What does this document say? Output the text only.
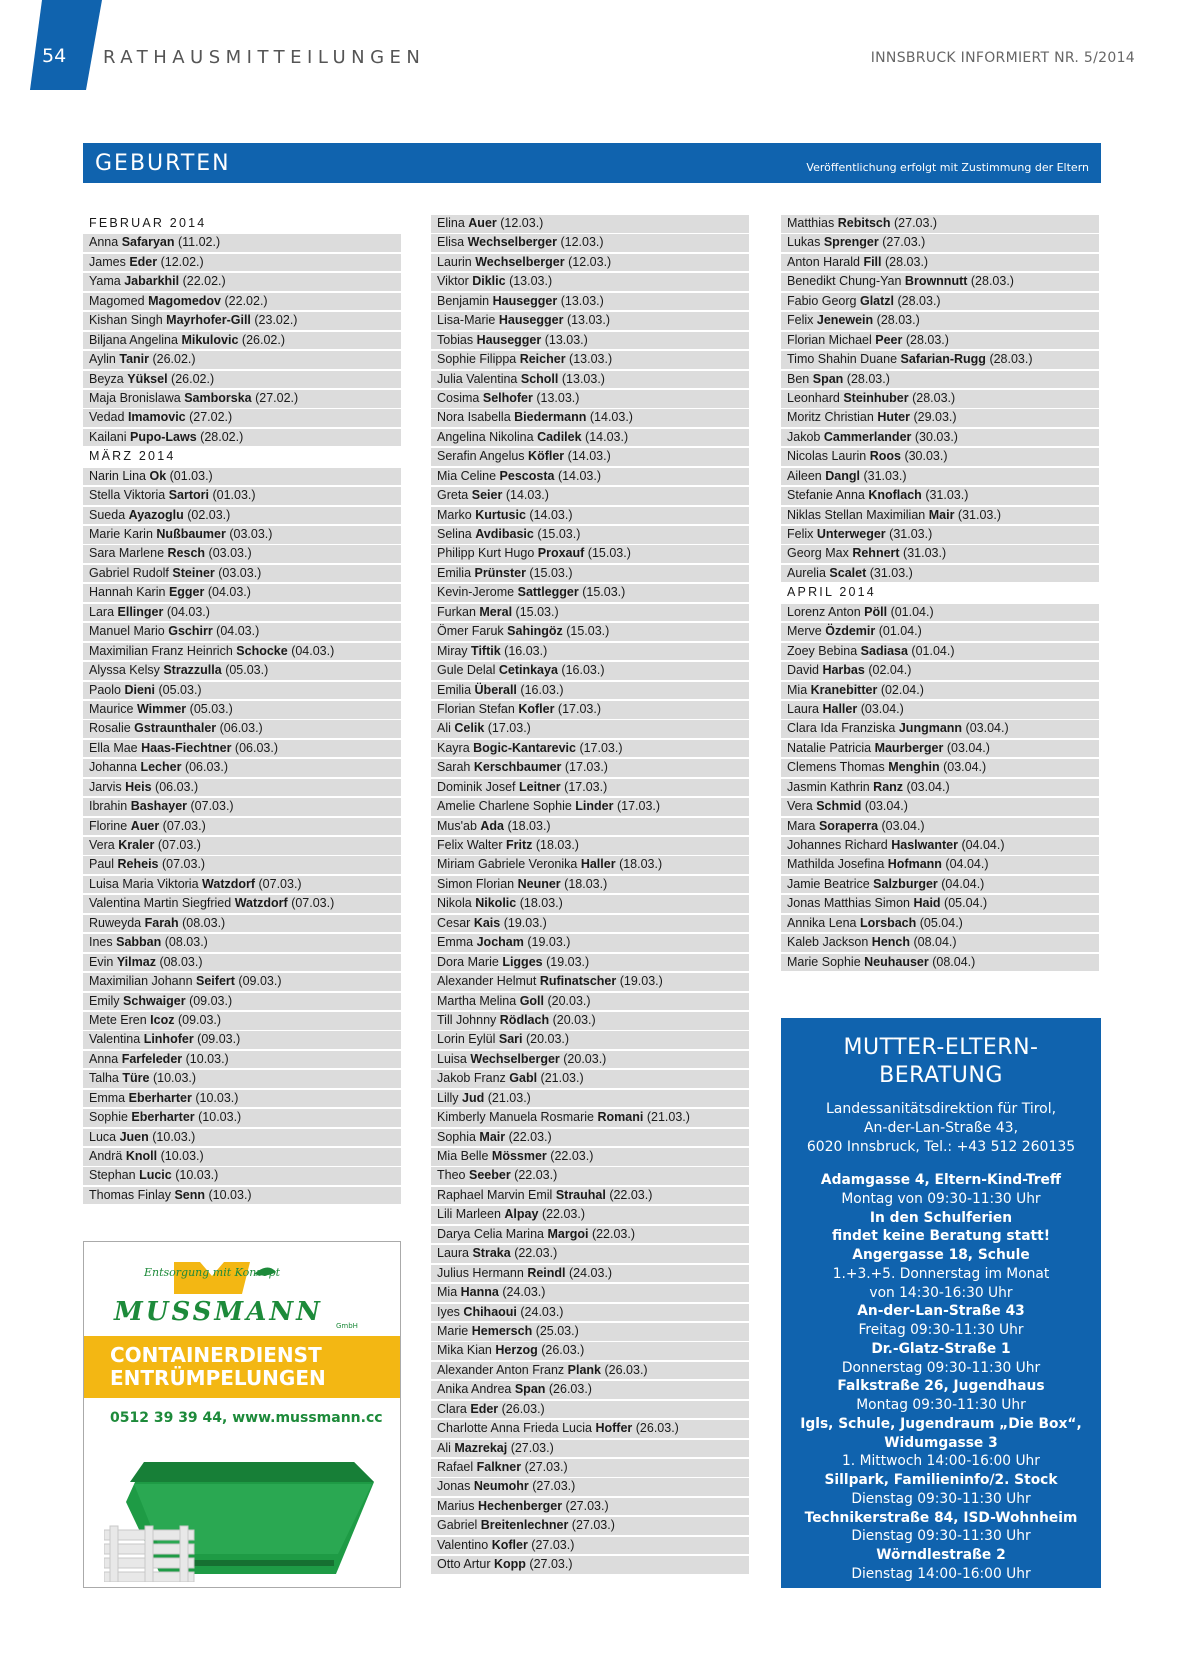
54 RATHAUSMITTEILUNGEN	INNSBRUCK INFORMIERT NR. 5/2014
GEBURTEN	Veröffentlichung erfolgt mit Zustimmung der Eltern
FEBRUAR 2014
Anna Safaryan (11.02.)
James Eder (12.02.)
Yama Jabarkhil (22.02.)
Magomed Magomedov (22.02.)
Kishan Singh Mayrhofer-Gill (23.02.)
Biljana Angelina Mikulovic (26.02.)
Aylin Tanir (26.02.)
Beyza Yüksel (26.02.)
Maja Bronislawa Samborska (27.02.)
Vedad Imamovic (27.02.)
Kailani Pupo-Laws (28.02.)
MÄRZ 2014
Narin Lina Ok (01.03.)
Stella Viktoria Sartori (01.03.)
Sueda Ayazoglu (02.03.)
Marie Karin Nußbaumer (03.03.)
Sara Marlene Resch (03.03.)
Gabriel Rudolf Steiner (03.03.)
Hannah Karin Egger (04.03.)
Lara Ellinger (04.03.)
Manuel Mario Gschirr (04.03.)
Maximilian Franz Heinrich Schocke (04.03.)
Alyssa Kelsy Strazzulla (05.03.)
Paolo Dieni (05.03.)
Maurice Wimmer (05.03.)
Rosalie Gstraunthaler (06.03.)
Ella Mae Haas-Fiechtner (06.03.)
Johanna Lecher (06.03.)
Jarvis Heis (06.03.)
Ibrahin Bashayer (07.03.)
Florine Auer (07.03.)
Vera Kraler (07.03.)
Paul Reheis (07.03.)
Luisa Maria Viktoria Watzdorf (07.03.)
Valentina Martin Siegfried Watzdorf (07.03.)
Ruweyda Farah (08.03.)
Ines Sabban (08.03.)
Evin Yilmaz (08.03.)
Maximilian Johann Seifert (09.03.)
Emily Schwaiger (09.03.)
Mete Eren Icoz (09.03.)
Valentina Linhofer (09.03.)
Anna Farfeleder (10.03.)
Talha Türe (10.03.)
Emma Eberharter (10.03.)
Sophie Eberharter (10.03.)
Luca Juen (10.03.)
Andrä Knoll (10.03.)
Stephan Lucic (10.03.)
Thomas Finlay Senn (10.03.)
Elina Auer (12.03.)
Elisa Wechselberger (12.03.)
Laurin Wechselberger (12.03.)
Viktor Diklic (13.03.)
Benjamin Hausegger (13.03.)
Lisa-Marie Hausegger (13.03.)
Tobias Hausegger (13.03.)
Sophie Filippa Reicher (13.03.)
Julia Valentina Scholl (13.03.)
Cosima Selhofer (13.03.)
Nora Isabella Biedermann (14.03.)
Angelina Nikolina Cadilek (14.03.)
Serafin Angelus Köfler (14.03.)
Mia Celine Pescosta (14.03.)
Greta Seier (14.03.)
Marko Kurtusic (14.03.)
Selina Avdibasic (15.03.)
Philipp Kurt Hugo Proxauf (15.03.)
Emilia Prünster (15.03.)
Kevin-Jerome Sattlegger (15.03.)
Furkan Meral (15.03.)
Ömer Faruk Sahingöz (15.03.)
Miray Tiftik (16.03.)
Gule Delal Cetinkaya (16.03.)
Emilia Überall (16.03.)
Florian Stefan Kofler (17.03.)
Ali Celik (17.03.)
Kayra Bogic-Kantarevic (17.03.)
Sarah Kerschbaumer (17.03.)
Dominik Josef Leitner (17.03.)
Amelie Charlene Sophie Linder (17.03.)
Mus'ab Ada (18.03.)
Felix Walter Fritz (18.03.)
Miriam Gabriele Veronika Haller (18.03.)
Simon Florian Neuner (18.03.)
Nikola Nikolic (18.03.)
Cesar Kais (19.03.)
Emma Jocham (19.03.)
Dora Marie Ligges (19.03.)
Alexander Helmut Rufinatscher (19.03.)
Martha Melina Goll (20.03.)
Till Johnny Rödlach (20.03.)
Lorin Eylül Sari (20.03.)
Luisa Wechselberger (20.03.)
Jakob Franz Gabl (21.03.)
Lilly Jud (21.03.)
Kimberly Manuela Rosmarie Romani (21.03.)
Sophia Mair (22.03.)
Mia Belle Mössmer (22.03.)
Theo Seeber (22.03.)
Raphael Marvin Emil Strauhal (22.03.)
Lili Marleen Alpay (22.03.)
Darya Celia Marina Margoi (22.03.)
Laura Straka (22.03.)
Julius Hermann Reindl (24.03.)
Mia Hanna (24.03.)
Iyes Chihaoui (24.03.)
Marie Hemersch (25.03.)
Mika Kian Herzog (26.03.)
Alexander Anton Franz Plank (26.03.)
Anika Andrea Span (26.03.)
Clara Eder (26.03.)
Charlotte Anna Frieda Lucia Hoffer (26.03.)
Ali Mazrekaj (27.03.)
Rafael Falkner (27.03.)
Jonas Neumohr (27.03.)
Marius Hechenberger (27.03.)
Gabriel Breitenlechner (27.03.)
Valentino Kofler (27.03.)
Otto Artur Kopp (27.03.)
Matthias Rebitsch (27.03.)
Lukas Sprenger (27.03.)
Anton Harald Fill (28.03.)
Benedikt Chung-Yan Brownnutt (28.03.)
Fabio Georg Glatzl (28.03.)
Felix Jenewein (28.03.)
Florian Michael Peer (28.03.)
Timo Shahin Duane Safarian-Rugg (28.03.)
Ben Span (28.03.)
Leonhard Steinhuber (28.03.)
Moritz Christian Huter (29.03.)
Jakob Cammerlander (30.03.)
Nicolas Laurin Roos (30.03.)
Aileen Dangl (31.03.)
Stefanie Anna Knoflach (31.03.)
Niklas Stellan Maximilian Mair (31.03.)
Felix Unterweger (31.03.)
Georg Max Rehnert (31.03.)
Aurelia Scalet (31.03.)
APRIL 2014
Lorenz Anton Pöll (01.04.)
Merve Özdemir (01.04.)
Zoey Bebina Sadiasa (01.04.)
David Harbas (02.04.)
Mia Kranebitter (02.04.)
Laura Haller (03.04.)
Clara Ida Franziska Jungmann (03.04.)
Natalie Patricia Maurberger (03.04.)
Clemens Thomas Menghin (03.04.)
Jasmin Kathrin Ranz (03.04.)
Vera Schmid (03.04.)
Mara Soraperra (03.04.)
Johannes Richard Haslwanter (04.04.)
Mathilda Josefina Hofmann (04.04.)
Jamie Beatrice Salzburger (04.04.)
Jonas Matthias Simon Haid (05.04.)
Annika Lena Lorsbach (05.04.)
Kaleb Jackson Hench (08.04.)
Marie Sophie Neuhauser (08.04.)
Entsorgung mit Konzept
MUSSMANN GmbH
CONTAINERDIENST
ENTRÜMPELUNGEN
0512 39 39 44, www.mussmann.cc
MUTTER-ELTERN-
BERATUNG
Landessanitätsdirektion für Tirol,
An-der-Lan-Straße 43,
6020 Innsbruck, Tel.: +43 512 260135
Adamgasse 4, Eltern-Kind-Treff
Montag von 09:30-11:30 Uhr
In den Schulferien
findet keine Beratung statt!
Angergasse 18, Schule
1.+3.+5. Donnerstag im Monat
von 14:30-16:30 Uhr
An-der-Lan-Straße 43
Freitag 09:30-11:30 Uhr
Dr.-Glatz-Straße 1
Donnerstag 09:30-11:30 Uhr
Falkstraße 26, Jugendhaus
Montag 09:30-11:30 Uhr
Igls, Schule, Jugendraum „Die Box“,
Widumgasse 3
1. Mittwoch 14:00-16:00 Uhr
Sillpark, Familieninfo/2. Stock
Dienstag 09:30-11:30 Uhr
Technikerstraße 84, ISD-Wohnheim
Dienstag 09:30-11:30 Uhr
Wörndlestraße 2
Dienstag 14:00-16:00 Uhr
